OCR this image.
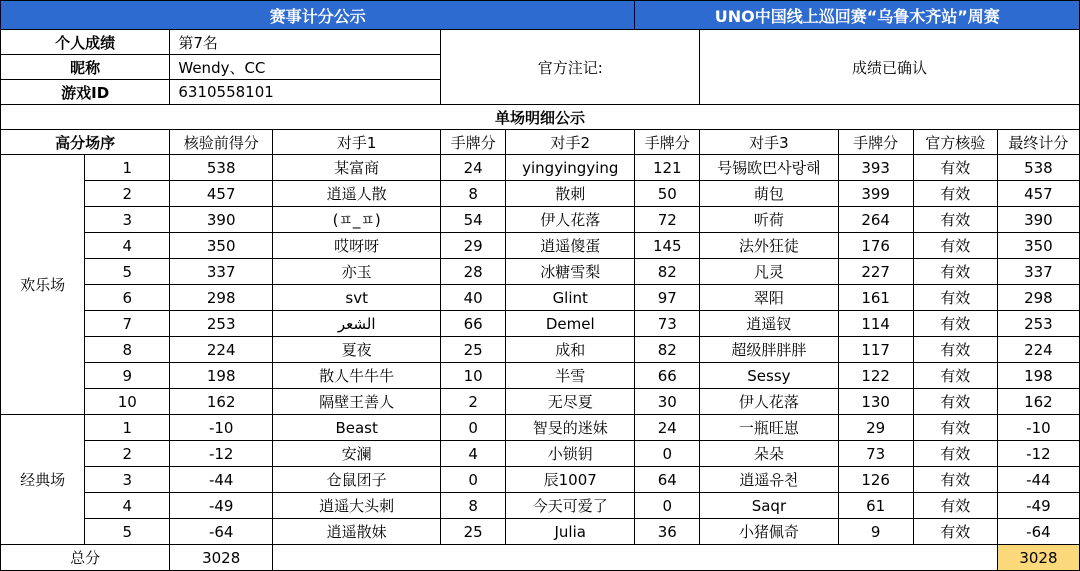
赛事计分公示						UNO中国线上巡回赛“乌鲁木齐站”周赛				
个人成绩		第7名		官方注记:			成绩已确认			
昵称		Wendy、CC								
游戏ID		6310558101								
单场明细公示										
高分场序		核验前得分	对手1	手牌分	对手2	手牌分	对手3	手牌分	官方核验	最终计分
欢乐场	1	538	某富商	24	yingyingying	121	号锡欧巴사랑해	393	有效	538
	2	457	逍遥人散	8	散刺	50	萌包	399	有效	457
	3	390	(ㅍ_ㅍ)	54	伊人花落	72	听荷	264	有效	390
	4	350	哎呀呀	29	逍遥傻蛋	145	法外狂徒	176	有效	350
	5	337	亦玉	28	冰糖雪梨	82	凡灵	227	有效	337
	6	298	svt	40	Glint	97	翠阳	161	有效	298
	7	253	الشعر	66	Demel	73	逍遥钗	114	有效	253
	8	224	夏夜	25	成和	82	超级胖胖胖	117	有效	224
	9	198	散人牛牛牛	10	半雪	66	Sessy	122	有效	198
	10	162	隔壁王善人	2	无尽夏	30	伊人花落	130	有效	162
经典场	1	-10	Beast	0	智旻的迷妹	24	一瓶旺崽	29	有效	-10
	2	-12	安澜	4	小锁钥	0	朵朵	73	有效	-12
	3	-44	仓鼠团子	0	辰1007	64	逍遥유천	126	有效	-44
	4	-49	逍遥大头刺	8	今天可爱了	0	Saqr	61	有效	-49
	5	-64	逍遥散妹	25	Julia	36	小猪佩奇	9	有效	-64
总分		3028								3028
